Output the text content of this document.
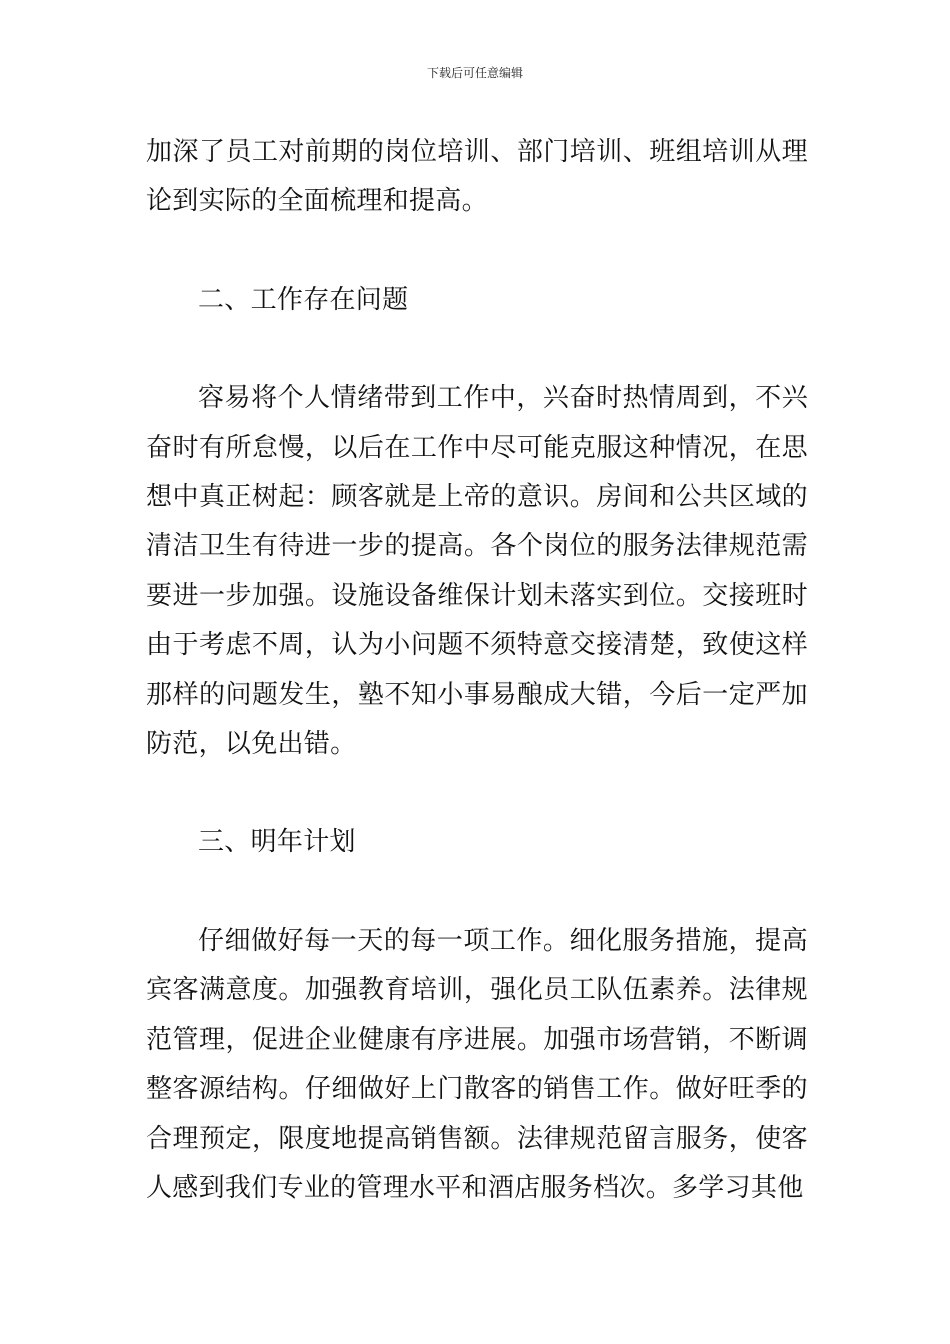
下载后可任意编辑

加深了员工对前期的岗位培训、部门培训、班组培训从理论到实际的全面梳理和提高。

二、工作存在问题

容易将个人情绪带到工作中，兴奋时热情周到，不兴奋时有所怠慢，以后在工作中尽可能克服这种情况，在思想中真正树起：顾客就是上帝的意识。房间和公共区域的清洁卫生有待进一步的提高。各个岗位的服务法律规范需要进一步加强。设施设备维保计划未落实到位。交接班时由于考虑不周，认为小问题不须特意交接清楚，致使这样那样的问题发生，塾不知小事易酿成大错，今后一定严加防范，以免出错。

三、明年计划

仔细做好每一天的每一项工作。细化服务措施，提高宾客满意度。加强教育培训，强化员工队伍素养。法律规范管理，促进企业健康有序进展。加强市场营销，不断调整客源结构。仔细做好上门散客的销售工作。做好旺季的合理预定，限度地提高销售额。法律规范留言服务，使客人感到我们专业的管理水平和酒店服务档次。多学习其他
